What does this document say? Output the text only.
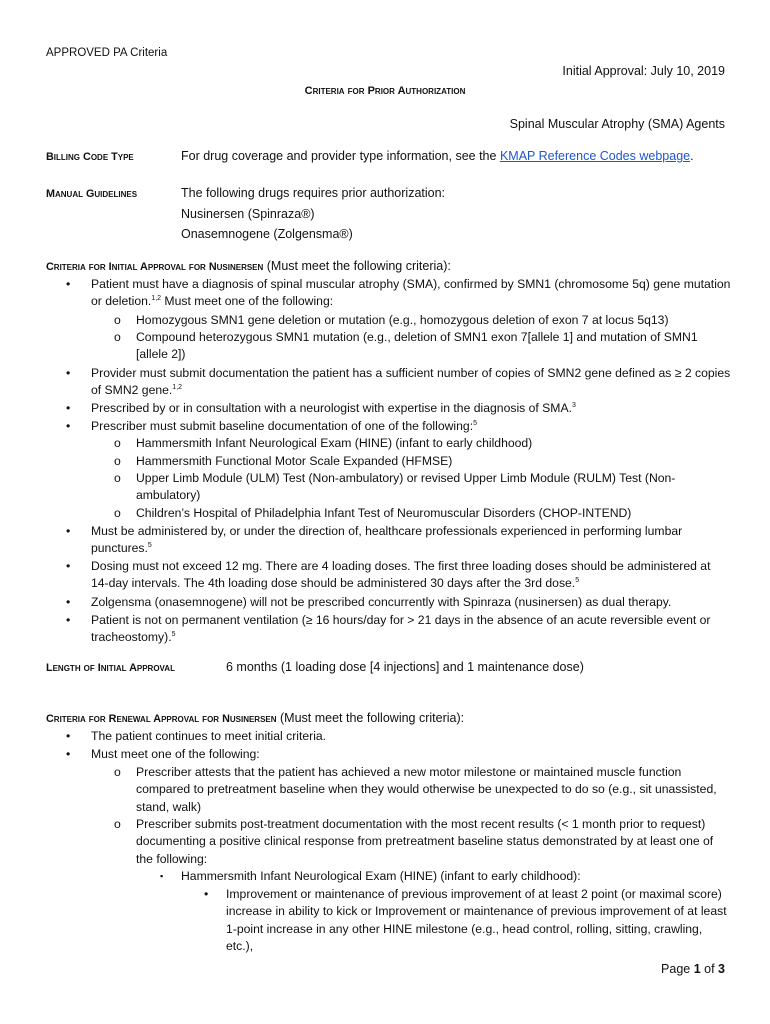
APPROVED PA Criteria

Initial Approval: July 10, 2019

Criteria for Prior Authorization

Spinal Muscular Atrophy (SMA) Agents

Billing Code Type	For drug coverage and provider type information, see the KMAP Reference Codes webpage.

Manual Guidelines	The following drugs requires prior authorization:

Nusinersen (Spinraza®)

Onasemnogene (Zolgensma®)

Criteria for Initial Approval for Nusinersen (Must meet the following criteria):

• Patient must have a diagnosis of spinal muscular atrophy (SMA), confirmed by SMN1 (chromosome 5q) gene mutation or deletion.$^{1,2}$ Must meet one of the following:
o Homozygous SMN1 gene deletion or mutation (e.g., homozygous deletion of exon 7 at locus 5q13)
o Compound heterozygous SMN1 mutation (e.g., deletion of SMN1 exon 7[allele 1] and mutation of SMN1 [allele 2])
• Provider must submit documentation the patient has a sufficient number of copies of SMN2 gene defined as ≥ 2 copies of SMN2 gene.$^{1,2}$
• Prescribed by or in consultation with a neurologist with expertise in the diagnosis of SMA.$^3$
• Prescriber must submit baseline documentation of one of the following:$^5$
o Hammersmith Infant Neurological Exam (HINE) (infant to early childhood)
o Hammersmith Functional Motor Scale Expanded (HFMSE)
o Upper Limb Module (ULM) Test (Non-ambulatory) or revised Upper Limb Module (RULM) Test (Non-ambulatory)
o Children’s Hospital of Philadelphia Infant Test of Neuromuscular Disorders (CHOP-INTEND)
• Must be administered by, or under the direction of, healthcare professionals experienced in performing lumbar punctures.$^5$
• Dosing must not exceed 12 mg. There are 4 loading doses. The first three loading doses should be administered at 14-day intervals. The 4th loading dose should be administered 30 days after the 3rd dose.$^5$
• Zolgensma (onasemnogene) will not be prescribed concurrently with Spinraza (nusinersen) as dual therapy.
• Patient is not on permanent ventilation (≥ 16 hours/day for > 21 days in the absence of an acute reversible event or tracheostomy).$^5$

Length of Initial Approval	6 months (1 loading dose [4 injections] and 1 maintenance dose)

Criteria for Renewal Approval for Nusinersen (Must meet the following criteria):

• The patient continues to meet initial criteria.
• Must meet one of the following:
o Prescriber attests that the patient has achieved a new motor milestone or maintained muscle function compared to pretreatment baseline when they would otherwise be unexpected to do so (e.g., sit unassisted, stand, walk)
o Prescriber submits post-treatment documentation with the most recent results (< 1 month prior to request) documenting a positive clinical response from pretreatment baseline status demonstrated by at least one of the following:
▪ Hammersmith Infant Neurological Exam (HINE) (infant to early childhood):
• Improvement or maintenance of previous improvement of at least 2 point (or maximal score) increase in ability to kick or Improvement or maintenance of previous improvement of at least 1-point increase in any other HINE milestone (e.g., head control, rolling, sitting, crawling, etc.),

Page 1 of 3
